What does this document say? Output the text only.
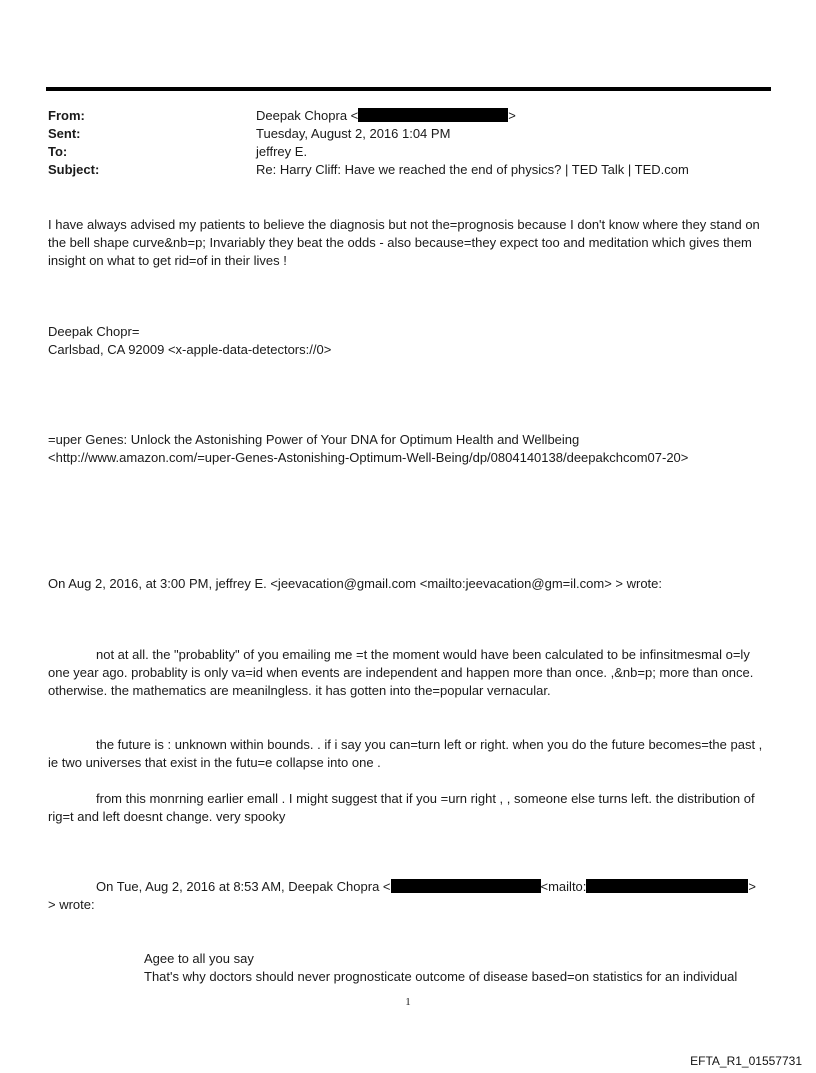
From:	Deepak Chopra <	>
Sent:	Tuesday, August 2, 2016 1:04 PM
To:	jeffrey E.
Subject:	Re: Harry Cliff: Have we reached the end of physics? | TED Talk | TED.com

I have always advised my patients to believe the diagnosis but not the=prognosis because I don't know where they stand on the bell shape curve&nb=p; Invariably they beat the odds - also because=they expect too and meditation which gives them insight on what to get rid=of in their lives !

Deepak Chopr=

Carlsbad, CA 92009 <x-apple-data-detectors://0>

=uper Genes: Unlock the Astonishing Power of Your DNA for Optimum Health and Wellbeing

<http://www.amazon.com/=uper-Genes-Astonishing-Optimum-Well-Being/dp/0804140138/deepakchcom07-20>

On Aug 2, 2016, at 3:00 PM, jeffrey E. <jeevacation@gmail.com <mailto:jeevacation@gm=il.com> > wrote:

not at all. the "probablity" of you emailing me =t the moment would have been calculated to be infinsitmesmal o=ly one year ago. probablity is only va=id when events are independent and happen more than once. ,&nb=p; more than once. otherwise. the mathematics are meanilngless. it has gotten into the=popular vernacular.

the future is : unknown within bounds. . if i say you can=turn left or right. when you do the future becomes=the past , ie two universes that exist in the futu=e collapse into one .

from this monrning earlier emall . I might suggest that if you =urn right , , someone else turns left. the distribution of rig=t and left doesnt change. very spooky

On Tue, Aug 2, 2016 at 8:53 AM, Deepak Chopra <	<mailto:	>

> wrote:

Agee to all you say

That's why doctors should never prognosticate outcome of disease based=on statistics for an individual

1
EFTA_R1_01557731
